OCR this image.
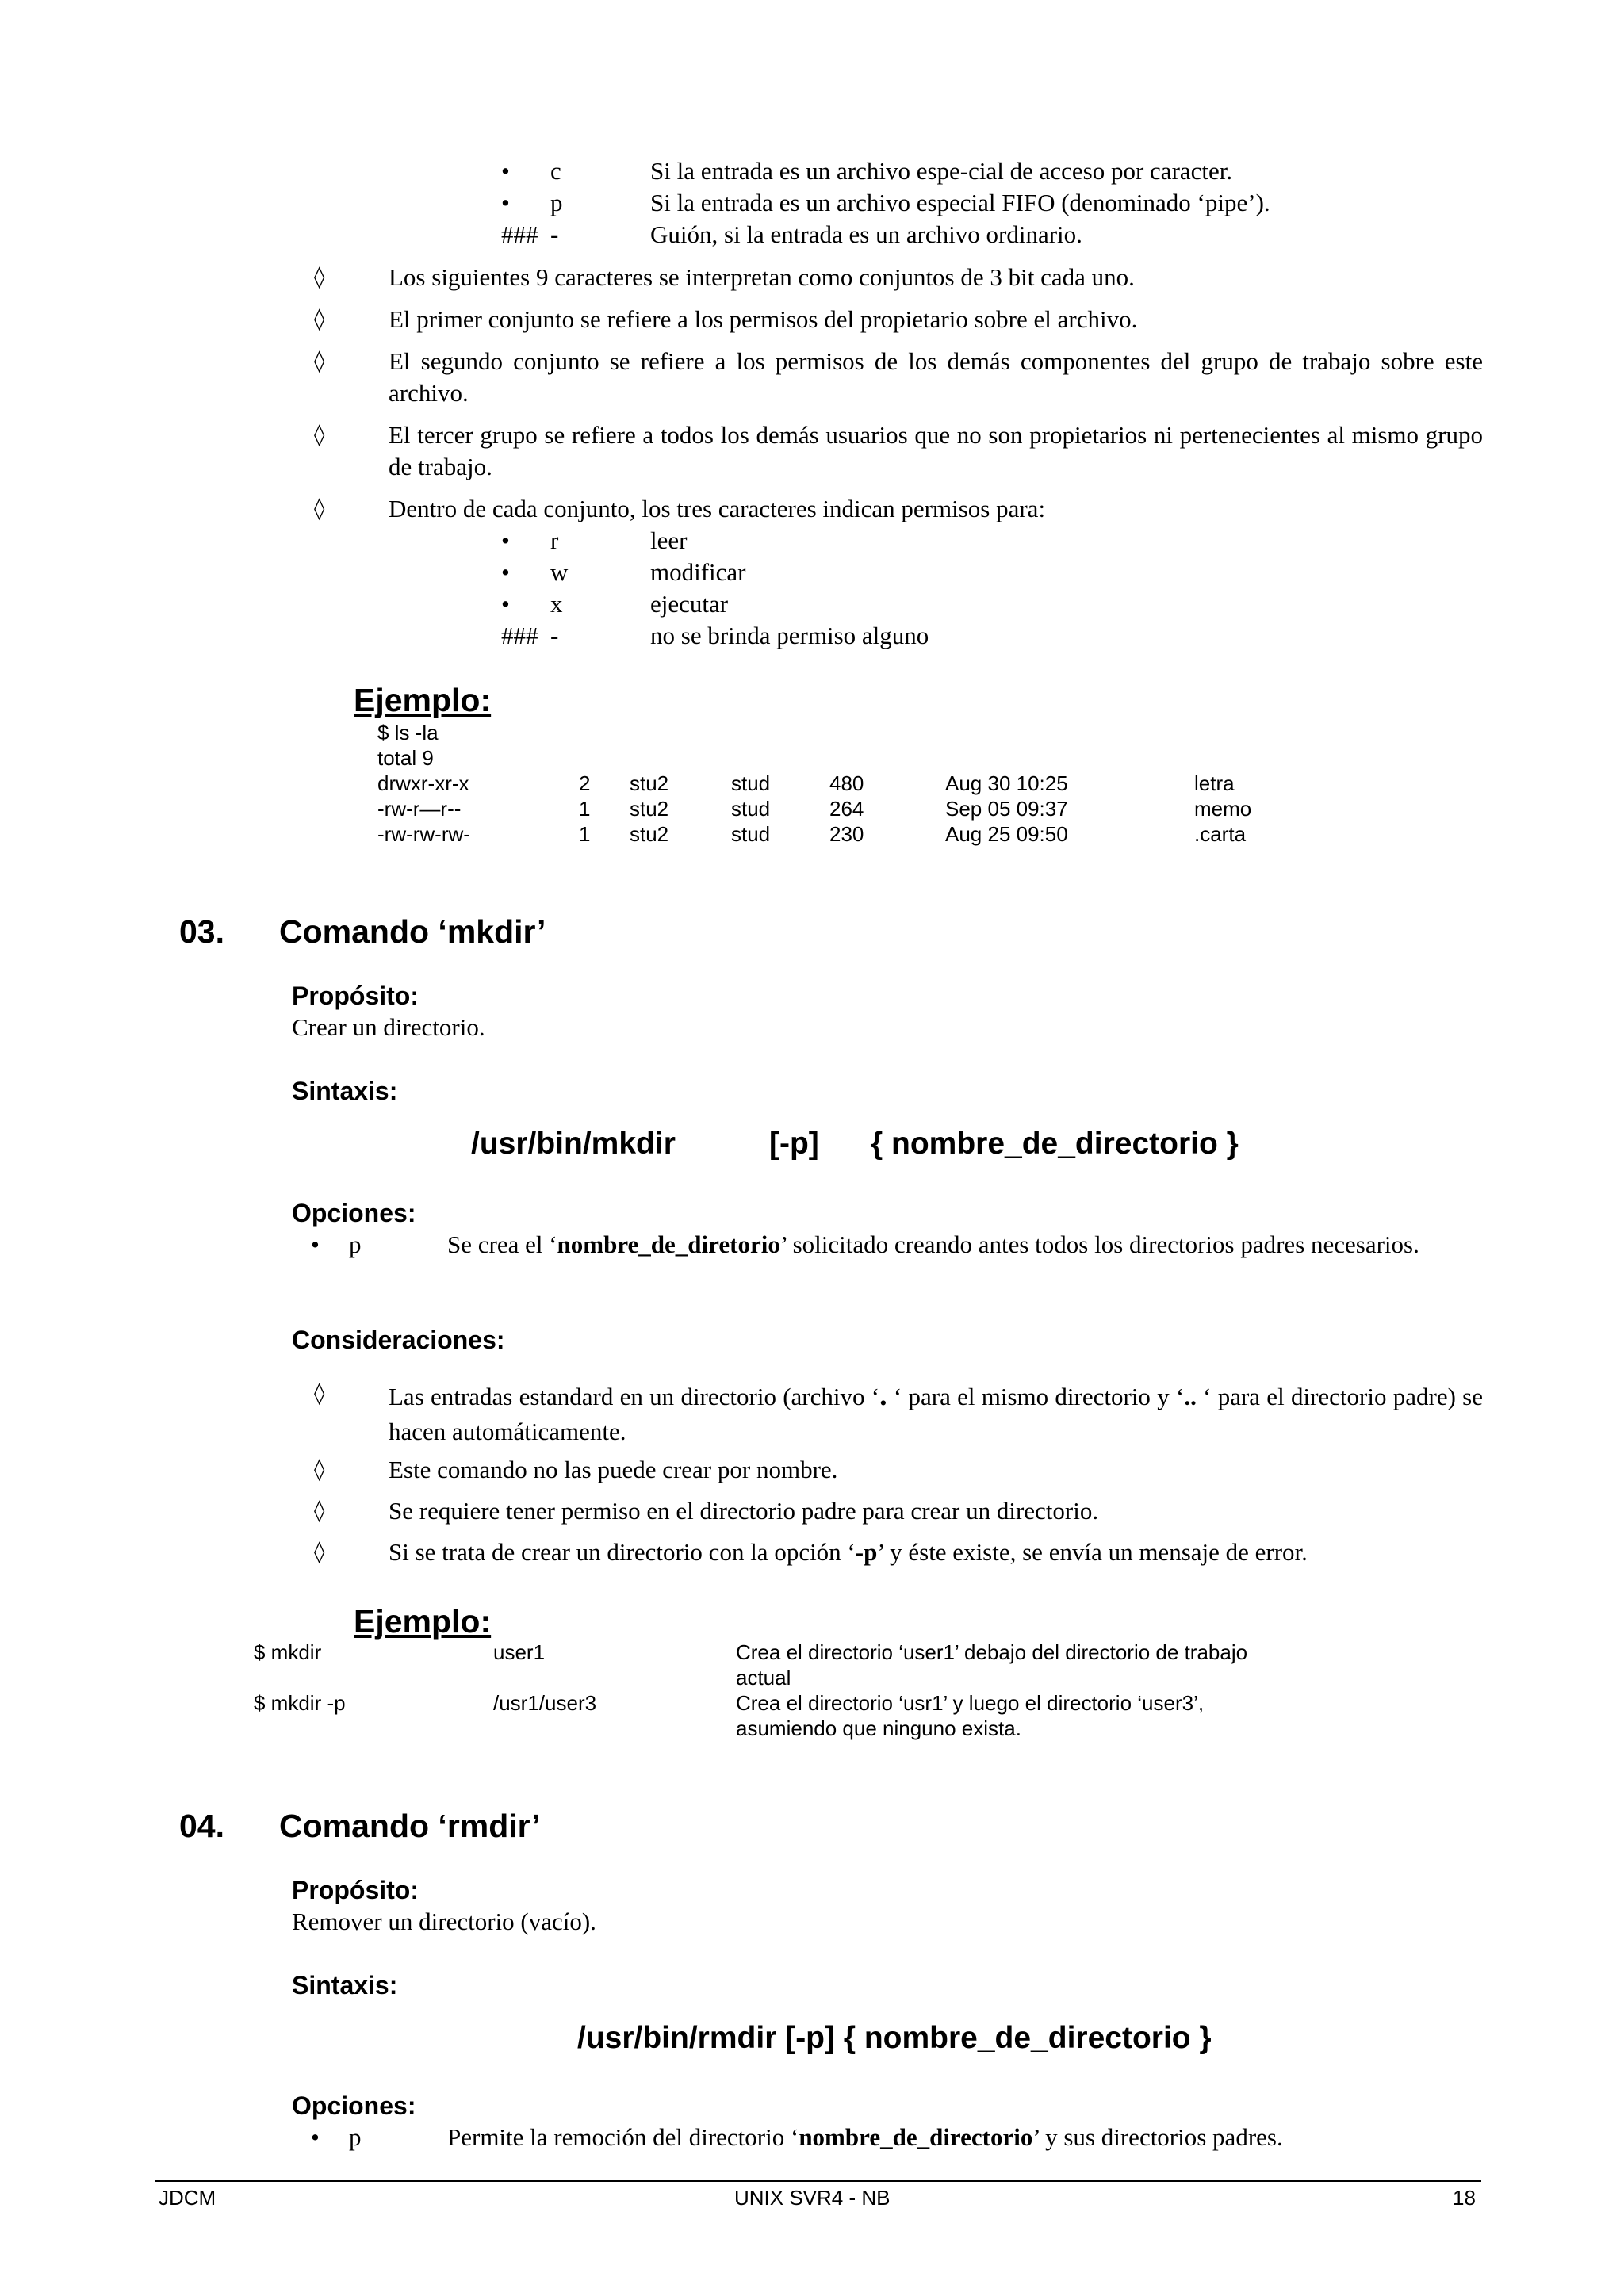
• c	Si la entrada es un archivo espe-cial de acceso por caracter.
• p	Si la entrada es un archivo especial FIFO (denominado ‘pipe’).
### -	Guión, si la entrada es un archivo ordinario.
◊	Los siguientes 9 caracteres se interpretan como conjuntos de 3 bit cada uno.
◊	El primer conjunto se refiere a los permisos del propietario sobre el archivo.
◊	El segundo conjunto se refiere a los permisos de los demás componentes del grupo de trabajo sobre este archivo.
◊	El tercer grupo se refiere a todos los demás usuarios que no son propietarios ni pertenecientes al mismo grupo de trabajo.
◊	Dentro de cada conjunto, los tres caracteres indican permisos para:
• r	leer
• w	modificar
• x	ejecutar
### -	no se brinda permiso alguno
Ejemplo:
$ ls -la
total 9
drwxr-xr-x	2 stu2	stud	480	Aug 30 10:25	letra
-rw-r—r--	1 stu2	stud	264	Sep 05 09:37	memo
-rw-rw-rw-	1 stu2	stud	230	Aug 25 09:50	.carta
03. Comando ‘mkdir’
Propósito:
Crear un directorio.
Sintaxis:
/usr/bin/mkdir	[-p] { nombre_de_directorio }
Opciones:
• p	Se crea el ‘nombre_de_diretorio’ solicitado creando antes todos los directorios padres necesarios.
Consideraciones:
◊	Las entradas estandard en un directorio (archivo ‘. ‘ para el mismo directorio y ‘.. ‘ para el directorio padre) se hacen automáticamente.
◊	Este comando no las puede crear por nombre.
◊	Se requiere tener permiso en el directorio padre para crear un directorio.
◊	Si se trata de crear un directorio con la opción ‘-p’ y éste existe, se envía un mensaje de error.
Ejemplo:
$ mkdir	user1	Crea el directorio ‘user1’ debajo del directorio de trabajo
actual
$ mkdir -p	/usr1/user3	Crea el directorio ‘usr1’ y luego el directorio ‘user3’,
asumiendo que ninguno exista.
04. Comando ‘rmdir’
Propósito:
Remover un directorio (vacío).
Sintaxis:
/usr/bin/rmdir [-p] { nombre_de_directorio }
Opciones:
• p	Permite la remoción del directorio ‘nombre_de_directorio’ y sus directorios padres.
JDCM	UNIX SVR4 - NB	18
